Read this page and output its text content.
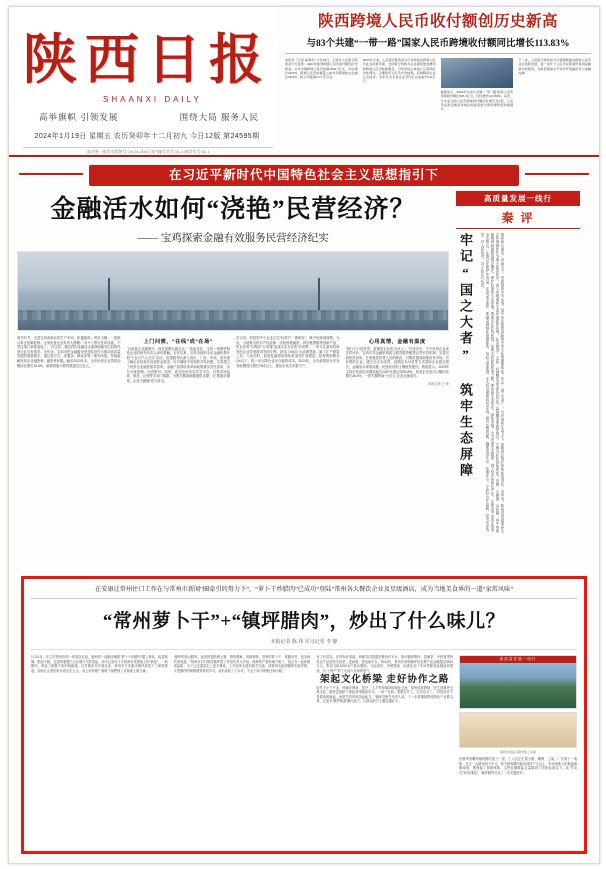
陕西日报
SHAANXI DAILY
高举旗帜 引领发展	围绕大局 服务人民
2024年1月19日 星期五 农历癸卯年十二月初九 今日12版 第24595期
国内统一连续出版物号 CN 61-0001 国内邮发代号 51-1 邮发代号 51-1
陕西跨境人民币收付额创历史新高
与83个共建“一带一路”国家人民币跨境收付额同比增长113.83%
本报讯（记者 崔春华）1月18日，记者从人民银行陕西省分行获悉：2023年陕西跨境人民币收付额创历史新高，全年办理跨境人民币结算1563.7亿元，同比增长29.5%，跨境人民币结算量占本外币跨境收支比重达48.6%，较上年提高5.2个百分点。
2023年以来，人民银行陕西省分行持续优化跨境人民币业务政策环境，支持银行机构为企业提供更加便利的跨境人民币结算服务，引导市场主体树立汇率风险中性理念，合理使用人民币计价结算，有效降低企业汇兑成本。全年共为全省企业节约汇兑成本约4.2亿元。
数据显示，2023年全省与共建“一带一路”国家人民币跨境收付额达345.6亿元，同比增长113.83%。其中，与中亚五国人民币跨境收付额同比增长近2倍，人民币在周边国家和地区的接受度与使用便利度持续提升。
下一步，人民银行陕西省分行将继续推动跨境人民币业务创新发展，进一步扩大人民币在跨境贸易和投融资中的使用，为陕西更高水平对外开放提供有力金融支撑。
在习近平新时代中国特色社会主义思想指引下
金融活水如何“浇艳”民营经济？
—— 宝鸡探索金融有效服务民营经济纪实
寒冬时节，走进宝鸡高新区的生产车间，机器轰鸣、焊花飞溅，一批批订单正加紧赶制。这家民营企业负责人感慨：“多亏了银行及时放款，不然这笔订单就泡汤了。”在宝鸡，像这样因金融活水滋润而焕发生机的民营企业还有很多。近年来，宝鸡市把金融服务民营经济作为推动高质量发展的重要抓手，通过搭平台、优服务、降成本等一系列举措，持续破解民营企业融资难、融资贵问题。截至2023年末，全市民营企业贷款余额同比增长18.6%，新增普惠小微贷款超过百亿元。
上门问需，“在线”成“在场”
“以前是企业跑银行，现在是银行跑企业。”谈起变化，宝鸡一家精密制造企业的财务负责人深有感触。去年以来，宝鸡市组织全市金融机构开展“千企万户大走访”活动，组建服务队深入园区、厂房、车间，面对面了解企业经营状况和资金需求。针对调研中发现的共性问题，宝鸡建立了民营企业融资需求清单、金融产品供给清单和政策落实责任清单，实行台账管理、动态销号。同时，依托信用信息共享平台，归集市场监管、税务、社保等多部门数据，为银行精准画像提供支撑，让“数据多跑路、企业少跑腿”成为常态。
在宝鸡，科技型中小企业往往“轻资产、重研发”，缺少传统抵押物。为此，当地推出知识产权质押、应收账款融资、供应链票据等创新产品，把企业的“专利池”“订单簿”变成实实在在的“信用票”。一家专注新材料研发的企业凭借数项发明专利，获得了800万元质押贷款，解了扩产燃眉之急。与此同时，政府性融资担保体系加快扩面增量，担保费率降至1%以下，进一步压降企业综合融资成本。2023年，全市政银担合作业务规模同比增长四成以上，惠及市场主体数千户。
心用真情，金融有温度
“银行不只是放贷，更像是企业的‘合伙人’。”在采访中，不少民营企业家这样评价。宝鸡引导金融机构建立敢贷愿贷能贷会贷长效机制，完善尽职免责清单，打消基层信贷人员的顾虑；对暂时遇到困难但有市场、有前景的企业，通过无还本续贷、延期还本付息等方式帮助企业渡过难关。金融活水持续浇灌，民营经济的土壤愈发肥沃。数据显示，2023年宝鸡市民营经济增加值占GDP比重达到53.8%，民营企业进出口额同比增长26.4%，一批专精特新“小巨人”企业加速成长。
本报记者 王 帅
高质量发展一线行
秦 评
牢记“国之大者” 筑牢生态屏障	秦岭和合南北、泽被天下，是我国的中央水塔，是中华民族的祖脉和中华文化的重要象征。牢记“国之大者”，当好秦岭生态卫士，是陕西必须扛牢的政治责任。近年来，陕西坚持把秦岭生态环境保护作为重大政治任务，深入实施秦岭生态环境保护条例，扎实推进“五乱”问题整治常态化长效化，森林覆盖率稳步提升，生物多样性持续恢复，朱鹮、大熊猫、金丝猴、羚牛等珍稀物种种群数量稳定增长。保护好秦岭生态环境，既要守住红线底线，也要走好绿色转型之路。要坚持生态优先、绿色发展，大力发展生态旅游、林下经济等特色产业，让绿水青山真正变成金山银山，让群众在保护中受益、在受益中保护。要健全网格化管理体系，用好卫星遥感、无人机巡查等科技手段，提升监管效能，确保发现在早、处置在小。守护好这片祖脉，是对历史负责、对人民负责、对子孙后代负责。
在安康让常州住口工作在与常州市新闻“圈牵引的努力下”，“萝卜干炒腊肉”已成功“登陆”常州各大餐饮企业及星级酒店，成为当地美食界的一道“家常风味”
“常州萝卜干”+“镇坪腊肉”，炒出了什么味儿？
本报记者 陈 玮 见习记者 李 静
1月11日，在江苏常州市的一家饭店后厨，厨师将一盘刚出锅的“萝卜干炒腊肉”端上餐桌。咸香微辣、肥而不腻，这道带着秦巴山区烟火气的菜品，如今已成为不少常州市民餐桌上的“新宠”。一块腊肉，串起了相隔千里的两座城。自苏陕协作开展以来，常州市与安康市镇坪县结下了深厚情谊。如何让山里的好东西走出大山、卖上好价钱？两地干部想到了从餐桌上做文章。
“镇坪的高山腊肉，选用的是散养土猪，柏枝慢熏，风味独特。常州的萝卜干，爽脆回甘，是本地的老味道。”常州市对口帮扶镇坪县工作组负责人介绍，两种特产看似毫不相干，组合在一起却相得益彰。为了让这道菜走上更多餐桌，工作组牵头组织厨艺交流，请常州名厨到镇坪实地考察，又把镇坪的师傅请到常州学习，前后试验了十余次，才定下如今的配比和火候。
有了好菜品，还得有好渠道。两地共同搭建消费协作平台，推动镇坪腊肉、富硒茶、中药材等特色农产品进机关食堂、进商超、进电商平台。2023年，常州市采购镇坪县农特产品金额超过3000万元，带动当地1200余户群众增收。与此同时，冷链物流、标准化加工车间等配套设施加快建设，让“土特产”有了走向大市场的底气。
架起文化桥梁 走好协作之路
协作不止于产业。两地在教育、医疗、人才等领域持续深化交流，常州选派教师、医生到镇坪支教支医，镇坪也组织干部赴常州跟岗学习。一来一往间，思路打开了，办法也多了。“苏陕协作不是简单的输血，而是共同培育造血能力。”镇坪县相关负责人说，下一步将继续围绕特色产业做文章，让更多“镇坪味道”飘向远方，让群众的日子越过越红火。
高质量发展一线行
镇坪县的高山腊肉加工车间
在镇坪县曙坪镇的腊肉加工厂里，工人们正忙着分割、腌制、上架。厂长算了一笔账：过去一头猪卖两千多元，如今做成腊肉能卖到四千元以上。车间里新上的低温熏制设备，既保留了传统风味，又把亚硝酸盐含量降到了国家标准以下。从“作坊式”到“标准化”，镇坪腊肉完成了一次关键跃升。
